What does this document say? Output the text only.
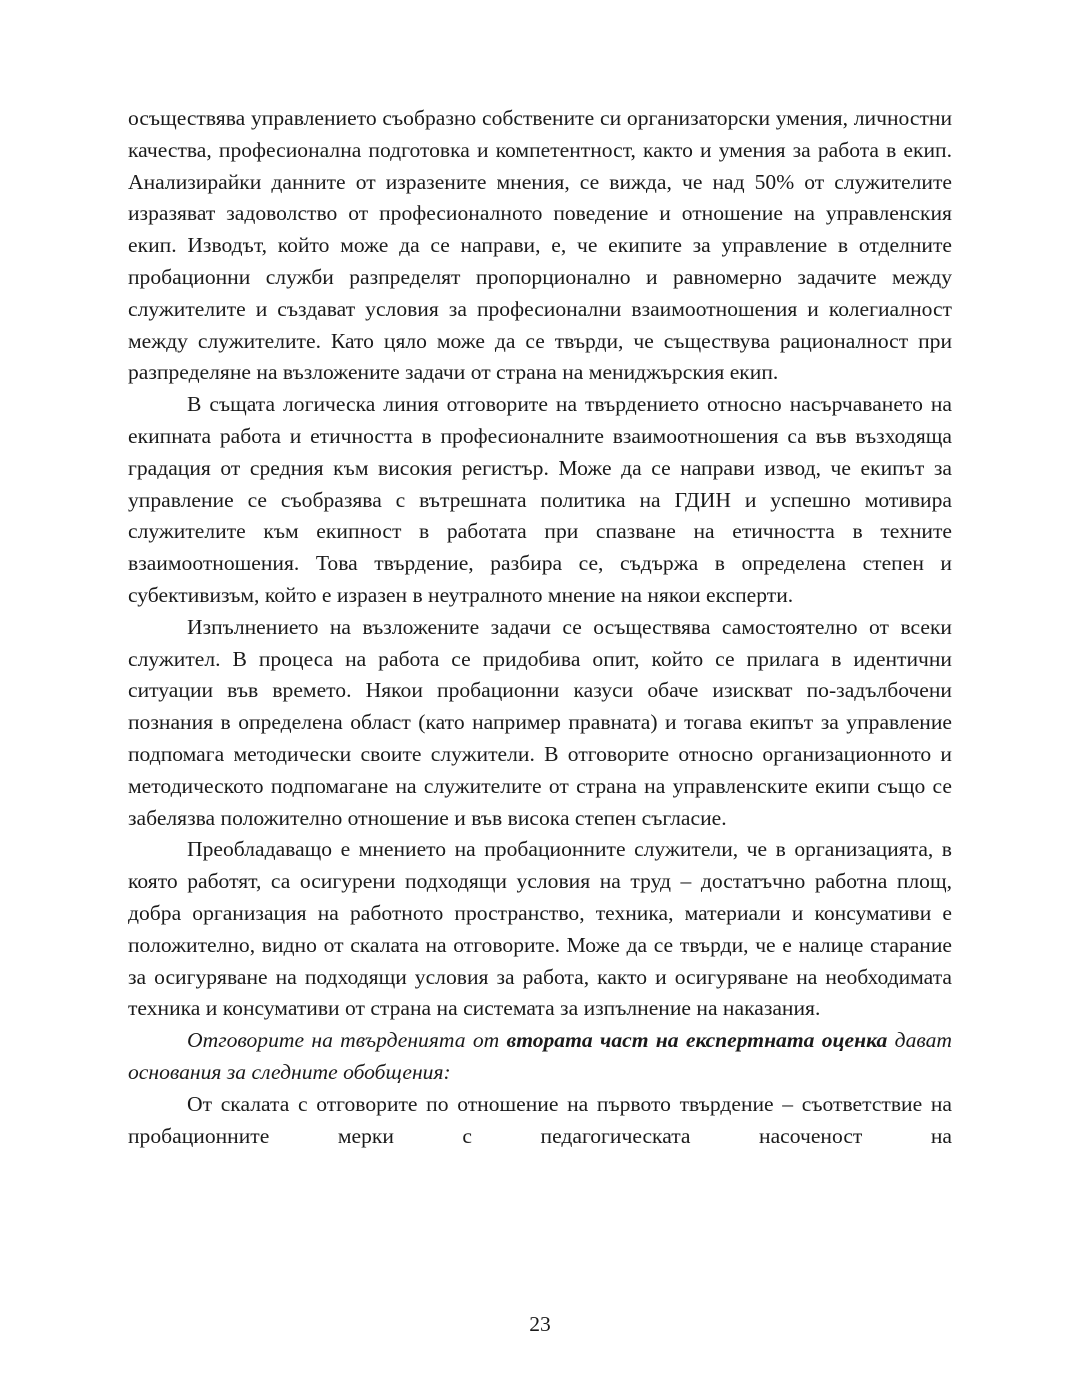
осъществява управлението съобразно собствените си организаторски умения, личностни качества, професионална подготовка и компетентност, както и умения за работа в екип. Анализирайки данните от изразените мнения, се вижда, че над 50% от служителите изразяват задоволство от професионалното поведение и отношение на управленския екип. Изводът, който може да се направи, е, че екипите за управление в отделните пробационни служби разпределят пропорционално и равномерно задачите между служителите и създават условия за професионални взаимоотношения и колегиалност между служителите. Като цяло може да се твърди, че съществува рационалност при разпределяне на възложените задачи от страна на мениджърския екип.

В същата логическа линия отговорите на твърдението относно насърчаването на екипната работа и етичността в професионалните взаимоотношения са във възходяща градация от средния към високия регистър. Може да се направи извод, че екипът за управление се съобразява с вътрешната политика на ГДИН и успешно мотивира служителите към екипност в работата при спазване на етичността в техните взаимоотношения. Това твърдение, разбира се, съдържа в определена степен и субективизъм, който е изразен в неутралното мнение на някои експерти.

Изпълнението на възложените задачи се осъществява самостоятелно от всеки служител. В процеса на работа се придобива опит, който се прилага в идентични ситуации във времето. Някои пробационни казуси обаче изискват по-задълбочени познания в определена област (като например правната) и тогава екипът за управление подпомага методически своите служители. В отговорите относно организационното и методическото подпомагане на служителите от страна на управленските екипи също се забелязва положително отношение и във висока степен съгласие.

Преобладаващо е мнението на пробационните служители, че в организацията, в която работят, са осигурени подходящи условия на труд – достатъчно работна площ, добра организация на работното пространство, техника, материали и консумативи е положително, видно от скалата на отговорите. Може да се твърди, че е налице старание за осигуряване на подходящи условия за работа, както и осигуряване на необходимата техника и консумативи от страна на системата за изпълнение на наказания.

Отговорите на твърденията от втората част на експертната оценка дават основания за следните обобщения:

От скалата с отговорите по отношение на първото твърдение – съответствие на пробационните мерки с педагогическата насоченост на

23
